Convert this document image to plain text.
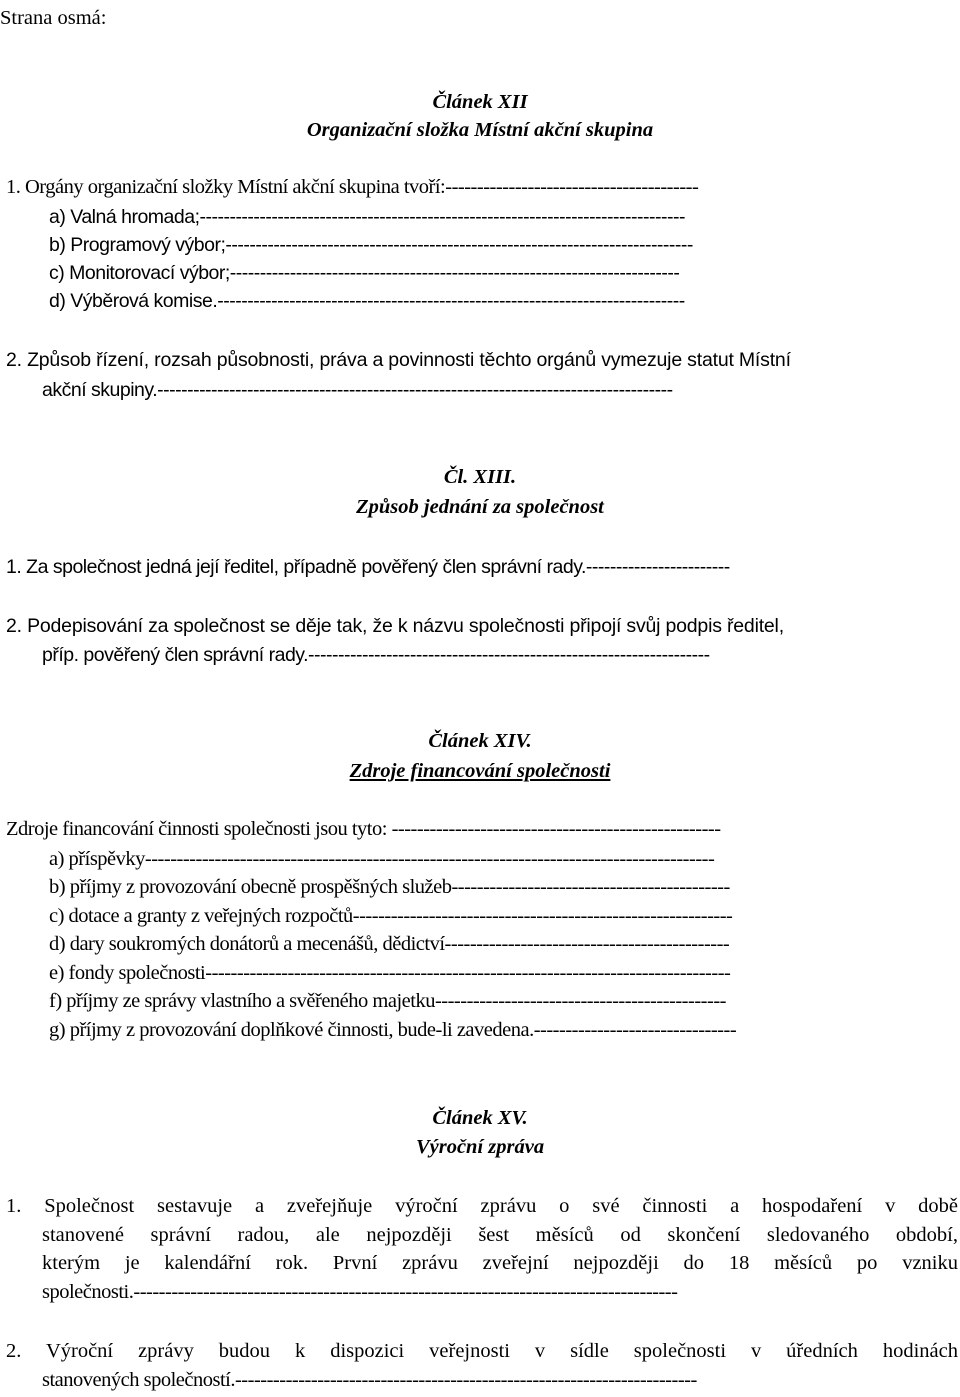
Strana osmá:
Článek XII
Organizační složka Místní akční skupina
1. Orgány organizační složky Místní akční skupina tvoří:----------------------------------------
a) Valná hromada;---------------------------------------------------------------------------------
b) Programový výbor;------------------------------------------------------------------------------
c) Monitorovací výbor;---------------------------------------------------------------------------
d) Výběrová komise.------------------------------------------------------------------------------
2. Způsob řízení, rozsah působnosti, práva a povinnosti těchto orgánů vymezuje statut Místní
akční skupiny.--------------------------------------------------------------------------------------
Čl. XIII.
Způsob jednání za společnost
1. Za společnost jedná její ředitel, případně pověřený člen správní rady.------------------------
2. Podepisování za společnost se děje tak, že k názvu společnosti připojí svůj podpis ředitel,
příp. pověřený člen správní rady.-------------------------------------------------------------------
Článek XIV.
Zdroje financování společnosti
Zdroje financování činnosti společnosti jsou tyto: ----------------------------------------------------
a) příspěvky------------------------------------------------------------------------------------------
b) příjmy z provozování obecně prospěšných služeb--------------------------------------------
c) dotace a granty z veřejných rozpočtů------------------------------------------------------------
d) dary soukromých donátorů a mecenášů, dědictví---------------------------------------------
e) fondy společnosti-----------------------------------------------------------------------------------
f) příjmy ze správy vlastního a svěřeného majetku----------------------------------------------
g) příjmy z provozování doplňkové činnosti, bude-li zavedena.--------------------------------
Článek XV.
Výroční zpráva
1. Společnost sestavuje a zveřejňuje výroční zprávu o své činnosti a hospodaření v době
stanovené správní radou, ale nejpozději šest měsíců od skončení sledovaného období,
kterým je kalendářní rok. První zprávu zveřejní nejpozději do 18 měsíců po vzniku
společnosti.--------------------------------------------------------------------------------------
2. Výroční zprávy budou k dispozici veřejnosti v sídle společnosti v úředních hodinách
stanovených společností.-------------------------------------------------------------------------
